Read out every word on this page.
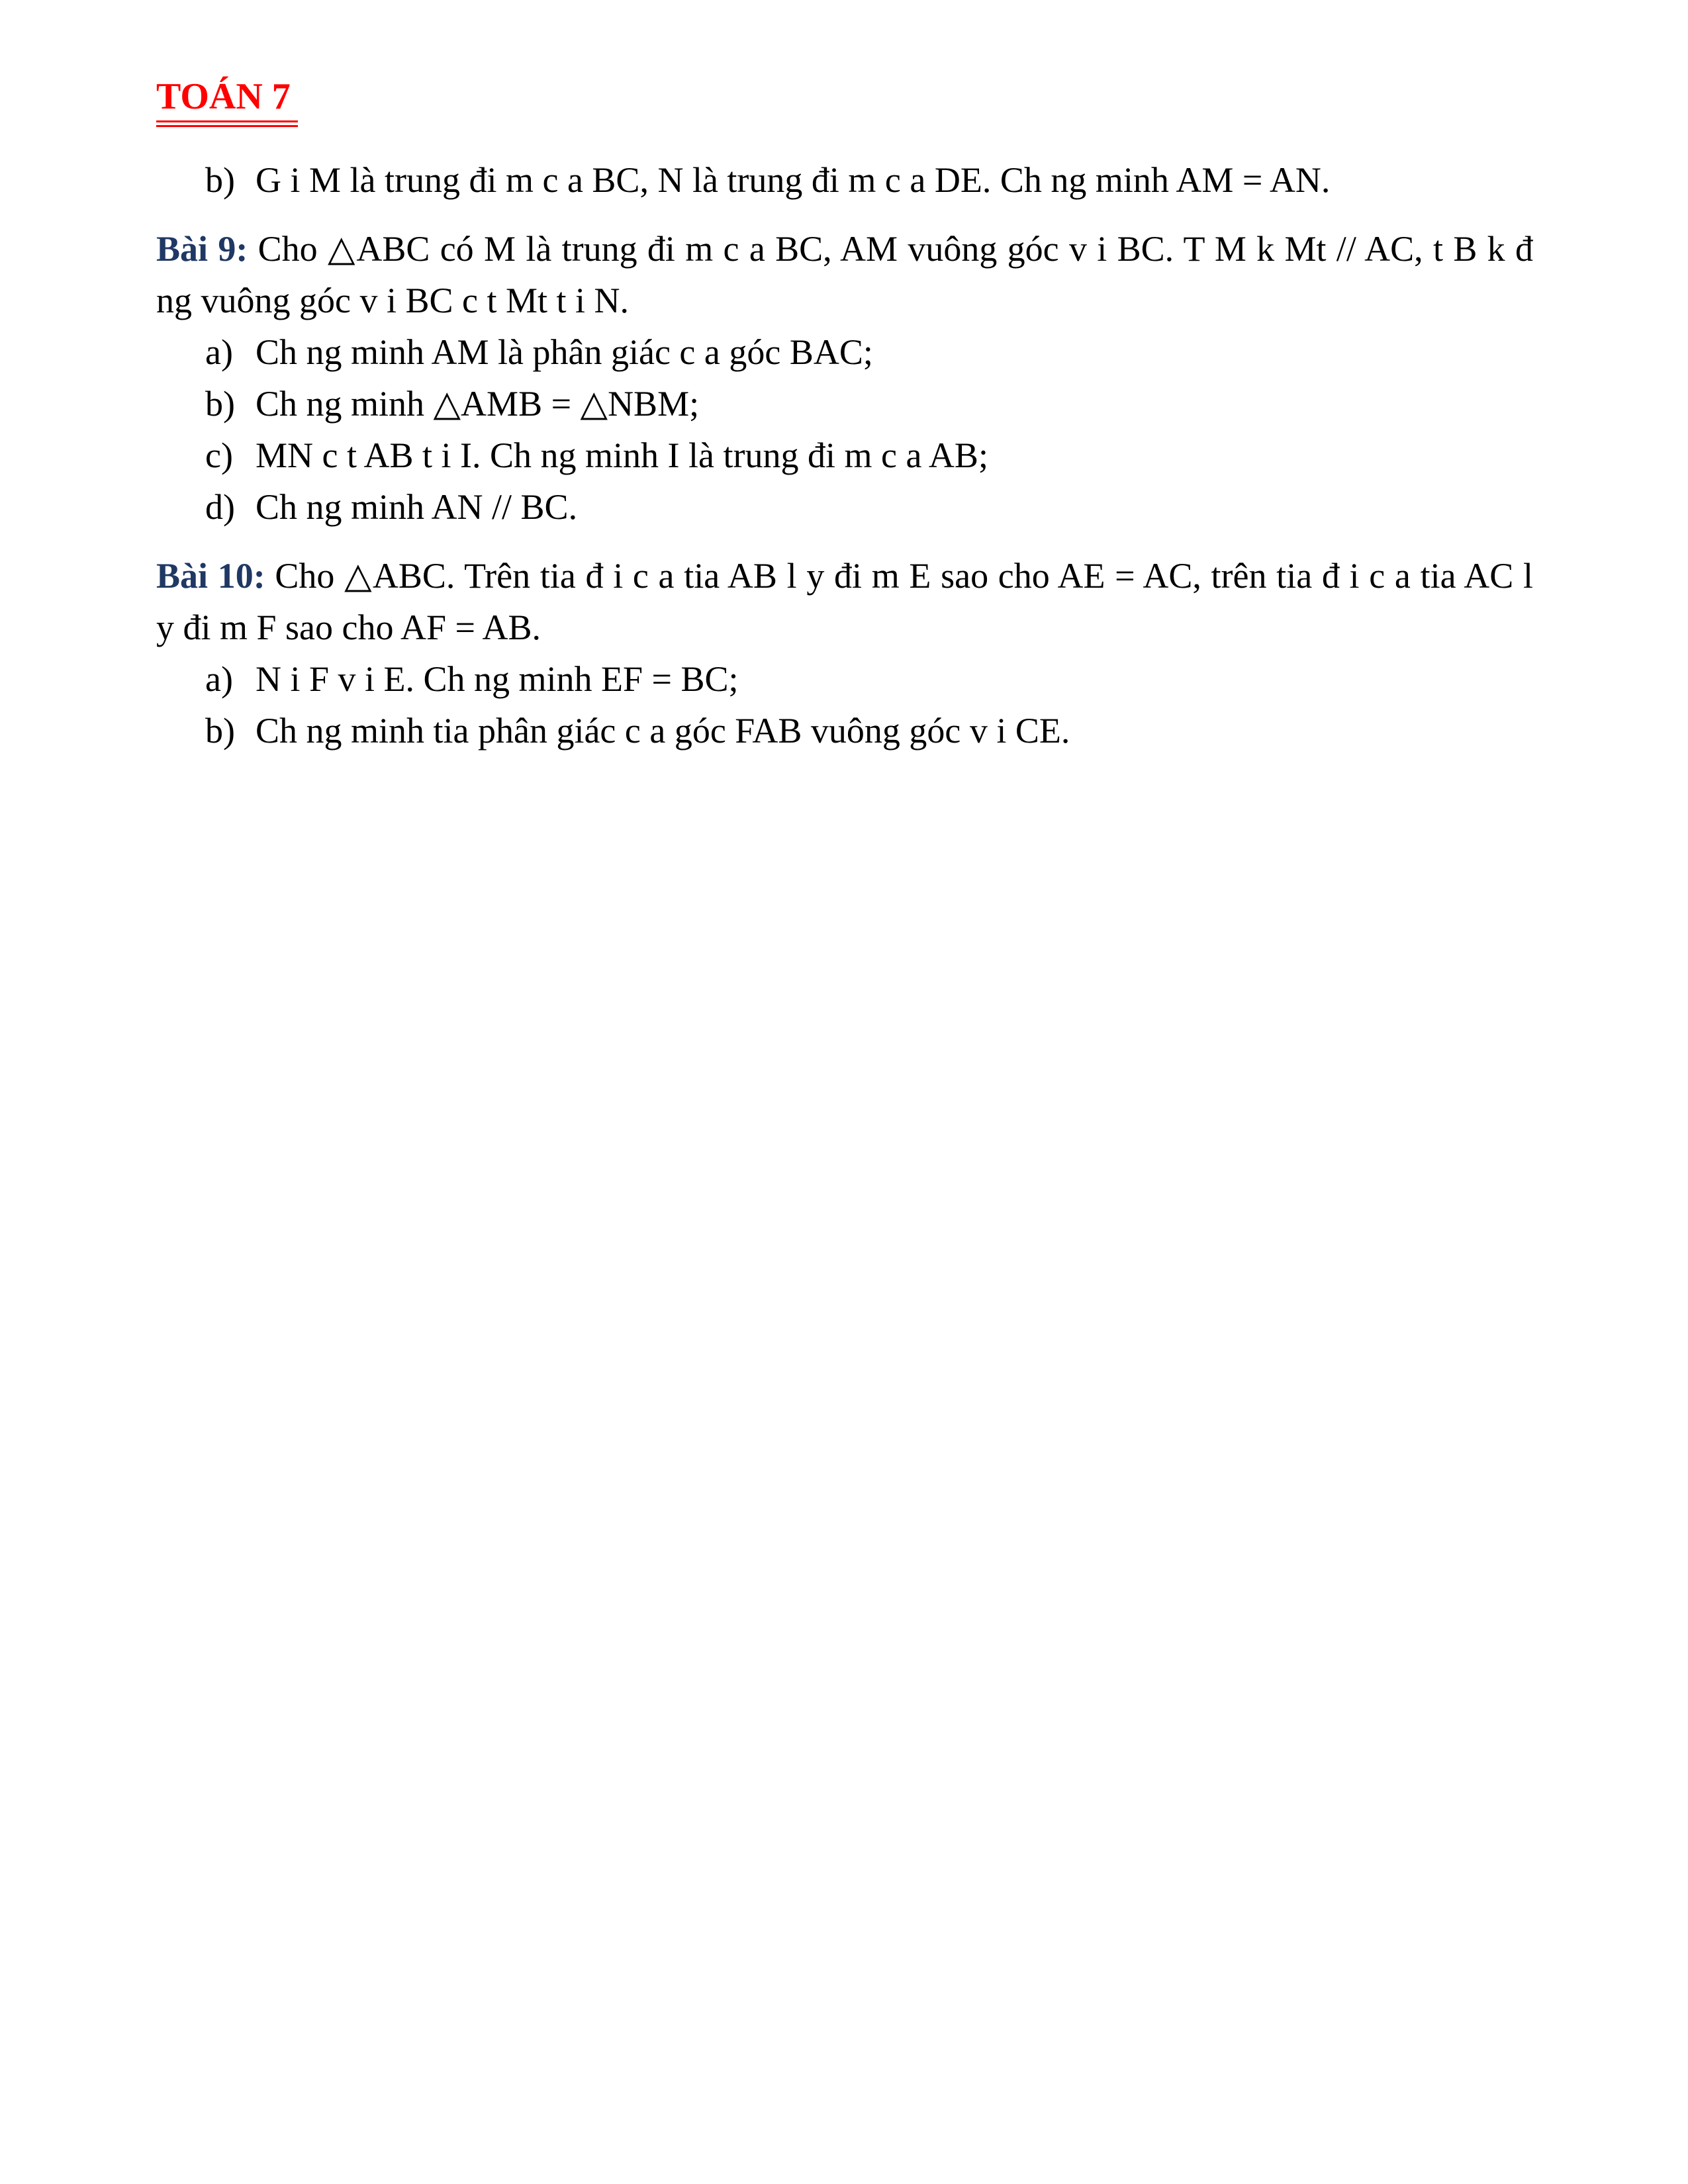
TOÁN 7
b) G i M là trung đi m c a BC, N là trung đi m c a DE. Ch ng minh AM = AN.

Bài 9: Cho △ABC có M là trung đi m c a BC, AM vuông góc v i BC. T M k Mt // AC, t B k đ ng vuông góc v i BC c t Mt t i N.

a) Ch ng minh AM là phân giác c a góc BAC;
b) Ch ng minh △AMB = △NBM;
c) MN c t AB t i I. Ch ng minh I là trung đi m c a AB;
d) Ch ng minh AN // BC.

Bài 10: Cho △ABC. Trên tia đ i c a tia AB l y đi m E sao cho AE = AC, trên tia đ i c a tia AC l y đi m F sao cho AF = AB.

a) N i F v i E. Ch ng minh EF = BC;
b) Ch ng minh tia phân giác c a góc FAB vuông góc v i CE.
